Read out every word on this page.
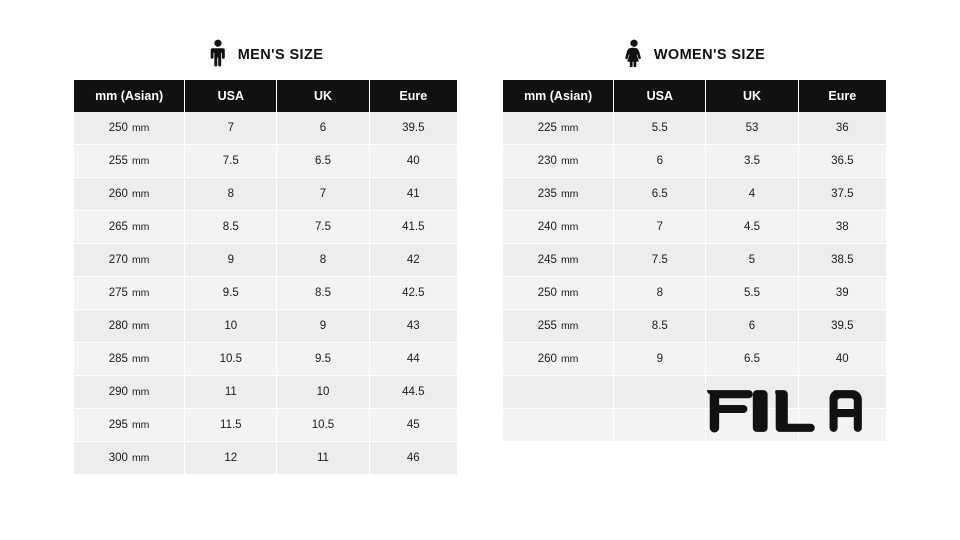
MEN'S SIZE
mm (Asian)	USA	UK	Eure
250 mm	7	6	39.5
255 mm	7.5	6.5	40
260 mm	8	7	41
265 mm	8.5	7.5	41.5
270 mm	9	8	42
275 mm	9.5	8.5	42.5
280 mm	10	9	43
285 mm	10.5	9.5	44
290 mm	11	10	44.5
295 mm	11.5	10.5	45
300 mm	12	11	46
WOMEN'S SIZE
mm (Asian)	USA	UK	Eure
225 mm	5.5	53	36
230 mm	6	3.5	36.5
235 mm	6.5	4	37.5
240 mm	7	4.5	38
245 mm	7.5	5	38.5
250 mm	8	5.5	39
255 mm	8.5	6	39.5
260 mm	9	6.5	40
